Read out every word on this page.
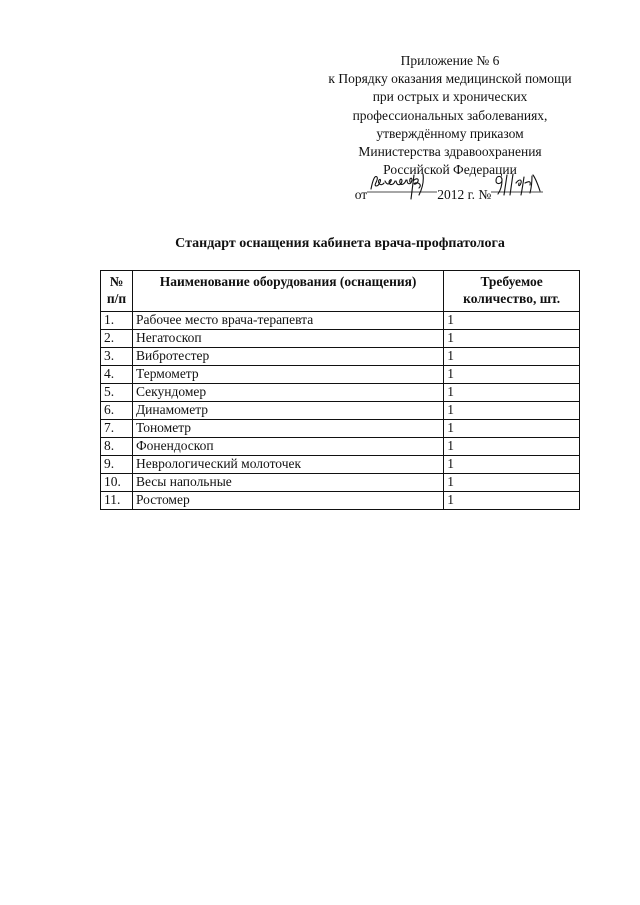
Приложение № 6
к Порядку оказания медицинской помощи
при острых и хронических
профессиональных заболеваниях,
утверждённому приказом
Министерства здравоохранения
Российской Федерации
от	2012 г. №
Стандарт оснащения кабинета врача-профпатолога
№ п/п	Наименование оборудования (оснащения)	Требуемое количество, шт.
1.	Рабочее место врача-терапевта	1
2.	Негатоскоп	1
3.	Вибротестер	1
4.	Термометр	1
5.	Секундомер	1
6.	Динамометр	1
7.	Тонометр	1
8.	Фонендоскоп	1
9.	Неврологический молоточек	1
10.	Весы напольные	1
11.	Ростомер	1
